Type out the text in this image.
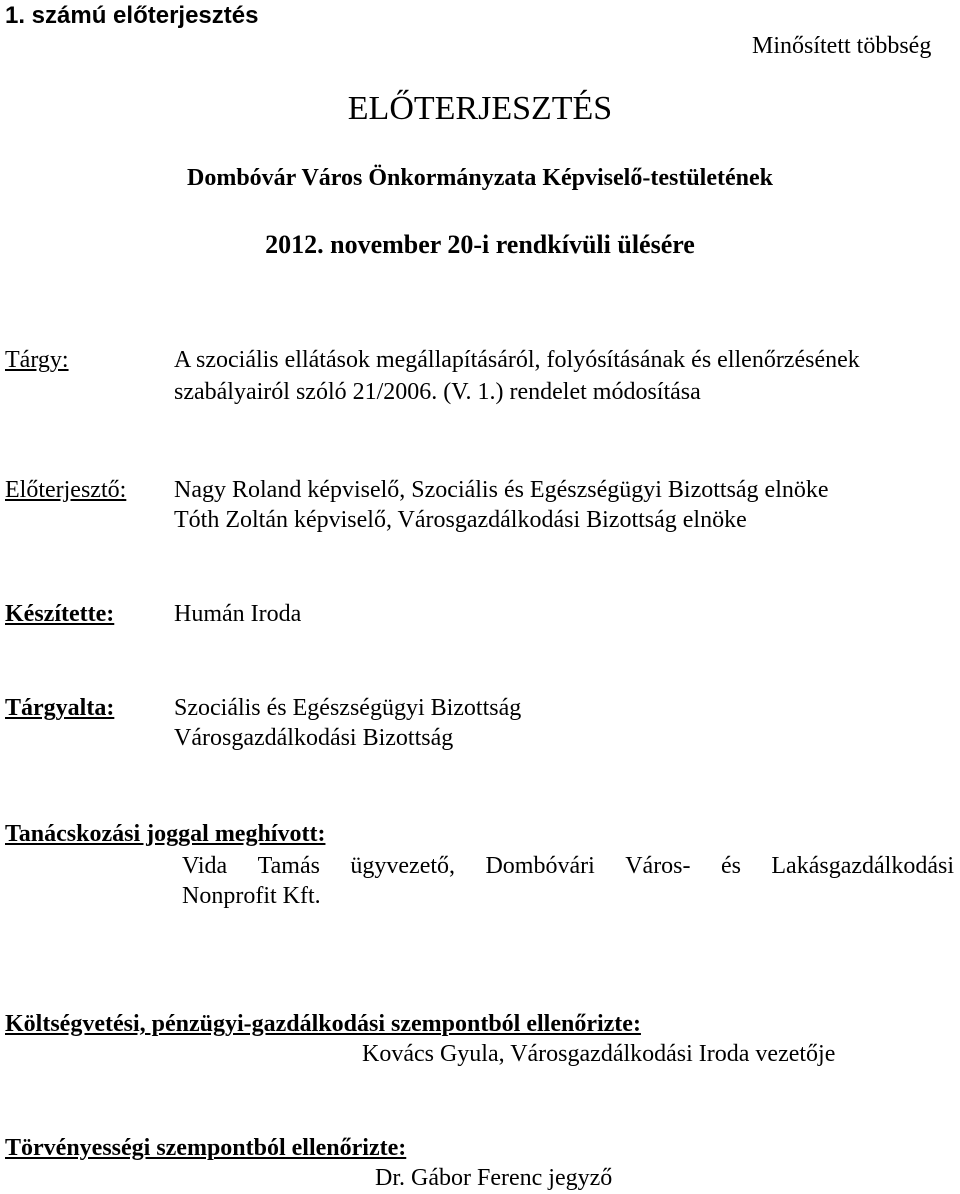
1. számú előterjesztés
Minősített többség
ELŐTERJESZTÉS
Dombóvár Város Önkormányzata Képviselő-testületének
2012. november 20-i rendkívüli ülésére
Tárgy:	A szociális ellátások megállapításáról, folyósításának és ellenőrzésének
szabályairól szóló 21/2006. (V. 1.) rendelet módosítása
Előterjesztő: Nagy Roland képviselő, Szociális és Egészségügyi Bizottság elnöke
Tóth Zoltán képviselő, Városgazdálkodási Bizottság elnöke
Készítette: Humán Iroda
Tárgyalta: Szociális és Egészségügyi Bizottság
Városgazdálkodási Bizottság
Tanácskozási joggal meghívott:
Vida Tamás ügyvezető, Dombóvári Város- és Lakásgazdálkodási
Nonprofit Kft.
Költségvetési, pénzügyi-gazdálkodási szempontból ellenőrizte:
Kovács Gyula, Városgazdálkodási Iroda vezetője
Törvényességi szempontból ellenőrizte:
Dr. Gábor Ferenc jegyző
